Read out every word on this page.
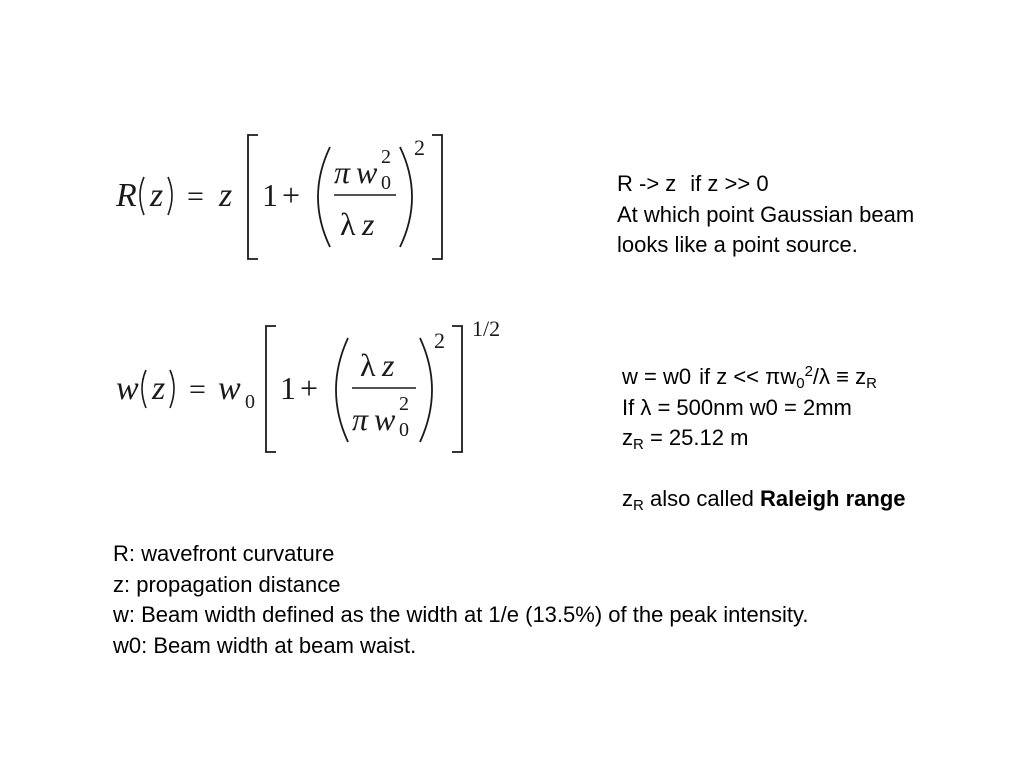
R z = z 1 +
π w 2
0
λ z
2
w z = w 0 1 +
λ z
π w 2
0
2 1/2
R -> z if z >> 0
At which point Gaussian beam
looks like a point source.
w = w0 if $z << \pi w_0^2/\lambda \equiv z_R$
If λ = 500nm w0 = 2mm
$z_R = 25.12$ m
$z_R$ also called Raleigh range
R: wavefront curvature
z: propagation distance
w: Beam width defined as the width at 1/e (13.5%) of the peak intensity.
w0: Beam width at beam waist.
